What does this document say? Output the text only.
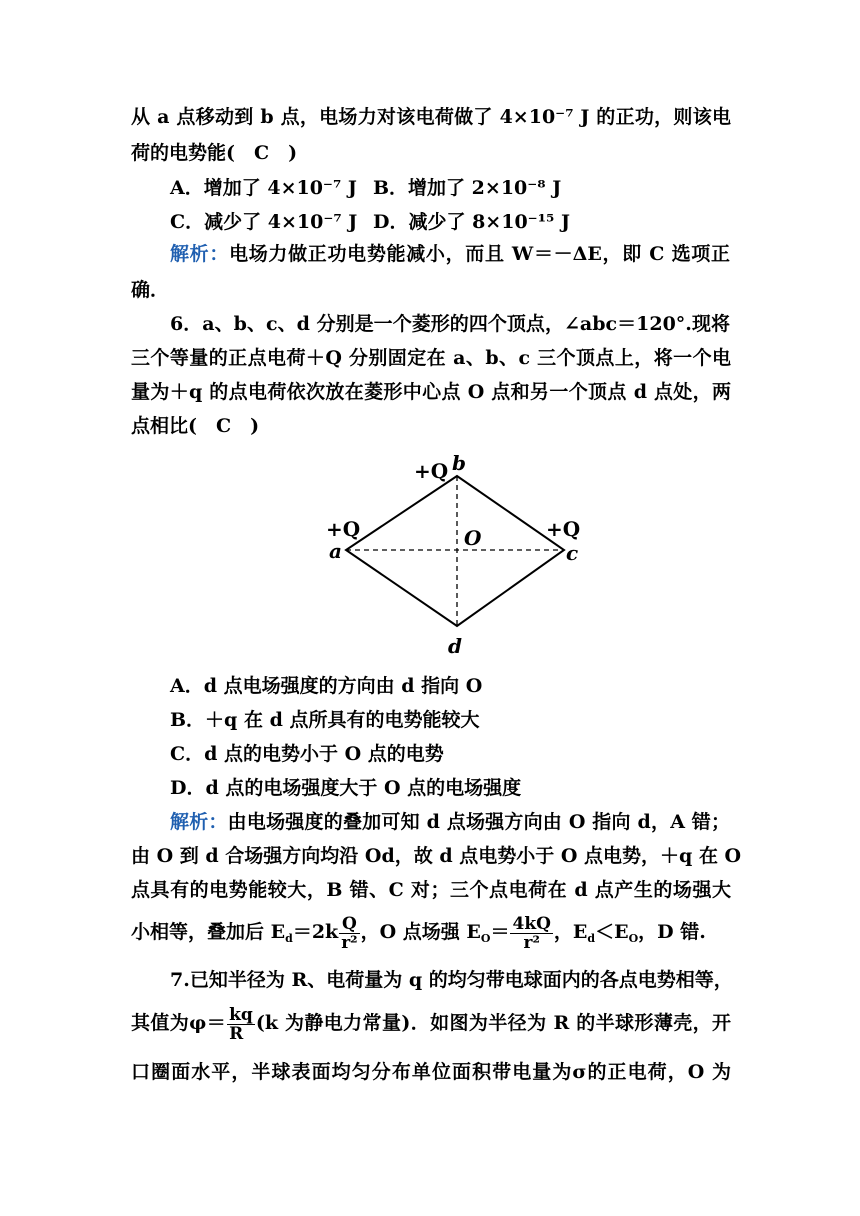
从 a 点移动到 b 点，电场力对该电荷做了 4×10⁻⁷ J 的正功，则该电
荷的电势能(　C　)
A．增加了 4×10⁻⁷ J B．增加了 2×10⁻⁸ J
C．减少了 4×10⁻⁷ J D．减少了 8×10⁻¹⁵ J
解析：电场力做正功电势能减小，而且 W＝－ΔE，即 C 选项正
确．
6．a、b、c、d 分别是一个菱形的四个顶点，∠abc＝120°.现将
三个等量的正点电荷＋Q 分别固定在 a、b、c 三个顶点上，将一个电
量为＋q 的点电荷依次放在菱形中心点 O 点和另一个顶点 d 点处，两
点相比(　C　)
+Q b
+Q
a
+Q
c
O
d
A．d 点电场强度的方向由 d 指向 O
B．＋q 在 d 点所具有的电势能较大
C．d 点的电势小于 O 点的电势
D．d 点的电场强度大于 O 点的电场强度
解析：由电场强度的叠加可知 d 点场强方向由 O 指向 d，A 错；
由 O 到 d 合场强方向均沿 Od，故 d 点电势小于 O 点电势，＋q 在 O
点具有的电势能较大，B 错、C 对；三个点电荷在 d 点产生的场强大
小相等，叠加后 $E_d=2k \frac{Q}{\text{r²}}$ ，O 点场强 $E_O= \frac{4kQ}{\text{r²}}$ ，$E_d<E_O$，D 错.
7.已知半径为 R、电荷量为 q 的均匀带电球面内的各点电势相等，
其值为$\varphi= \frac{kq}{R} (k$ 为静电力常量)．如图为半径为 R 的半球形薄壳，开
口圈面水平，半球表面均匀分布单位面积带电量为σ的正电荷，O 为
